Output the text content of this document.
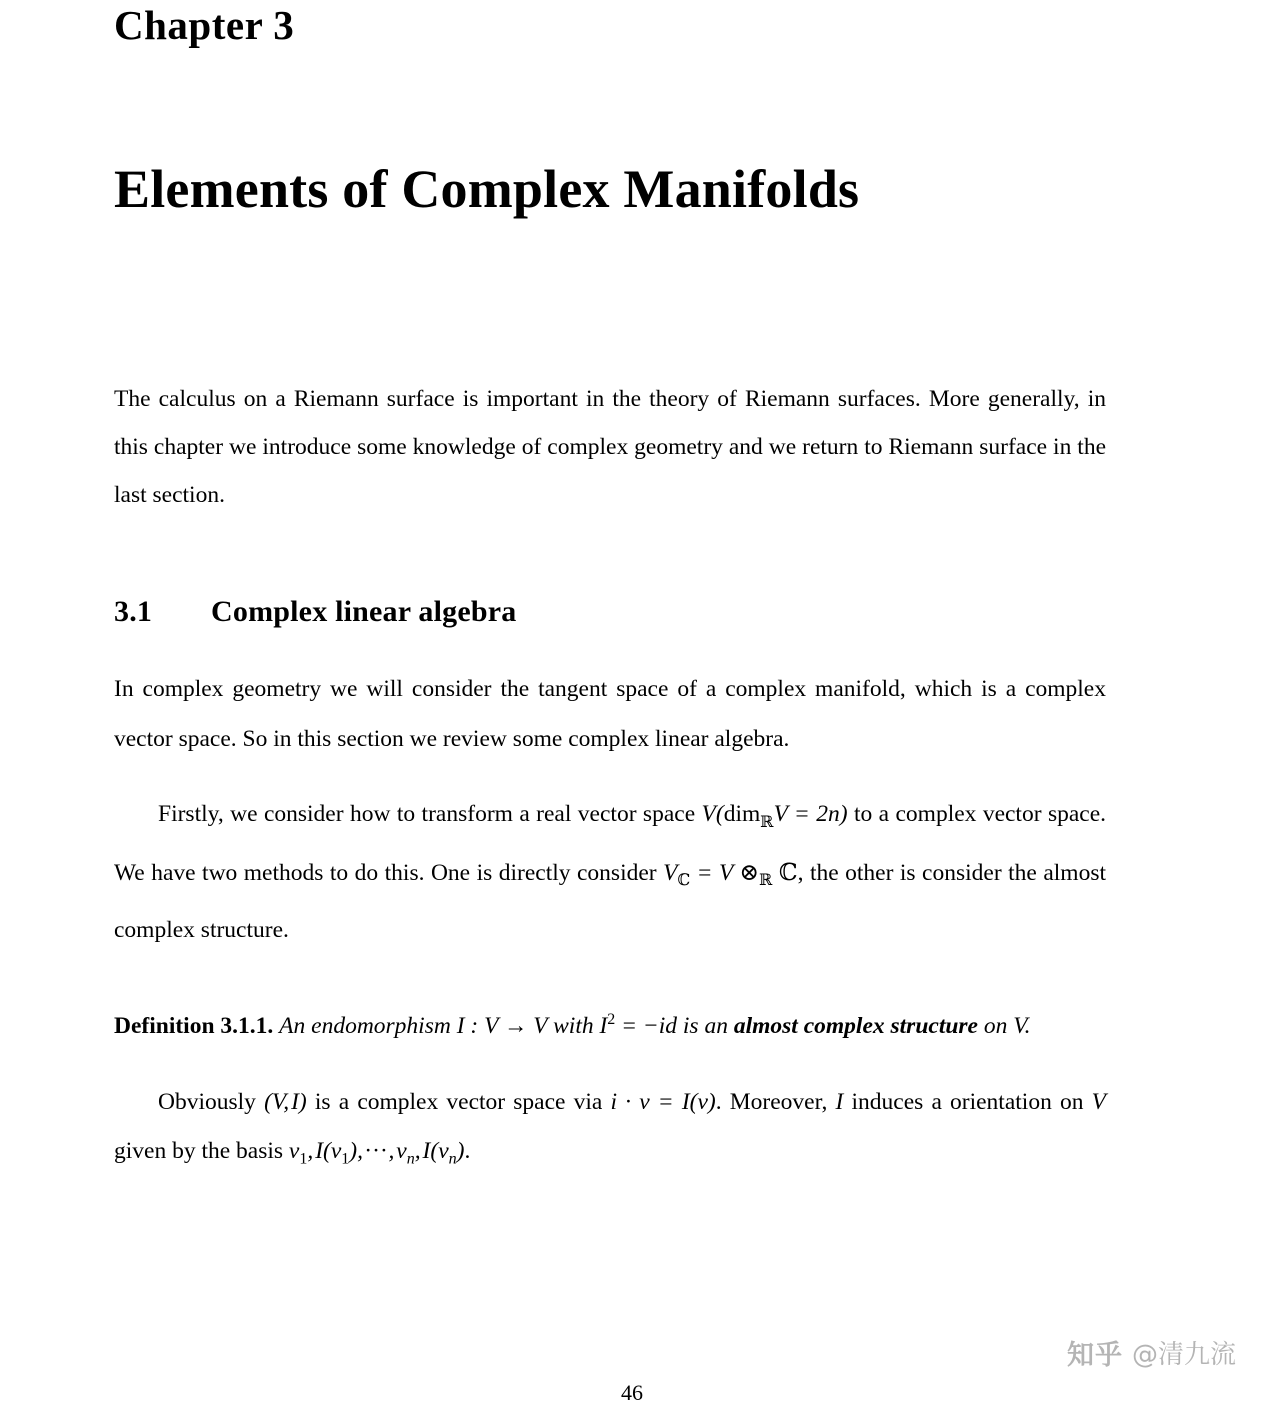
Chapter 3
Elements of Complex Manifolds

The calculus on a Riemann surface is important in the theory of Riemann surfaces. More generally, in this chapter we introduce some knowledge of complex geometry and we return to Riemann surface in the last section.

3.1 Complex linear algebra

In complex geometry we will consider the tangent space of a complex manifold, which is a complex vector space. So in this section we review some complex linear algebra.

Firstly, we consider how to transform a real vector space V(dim$_ℝ$V = 2n) to a complex vector space. We have two methods to do this. One is directly consider $V_ℂ = V$ $\otimes_ℝ$ ℂ, the other is consider the almost complex structure.

Definition 3.1.1. An endomorphism I : V → V with $I^2 = -id$ is an almost complex structure on V.

Obviously (V, I) is a complex vector space via i · v = I(v). Moreover, I induces a orientation on V given by the basis $v_1$, $I(v_1)$, · · · , $v_n$, $I(v_n)$.

46
知乎 @清九流
